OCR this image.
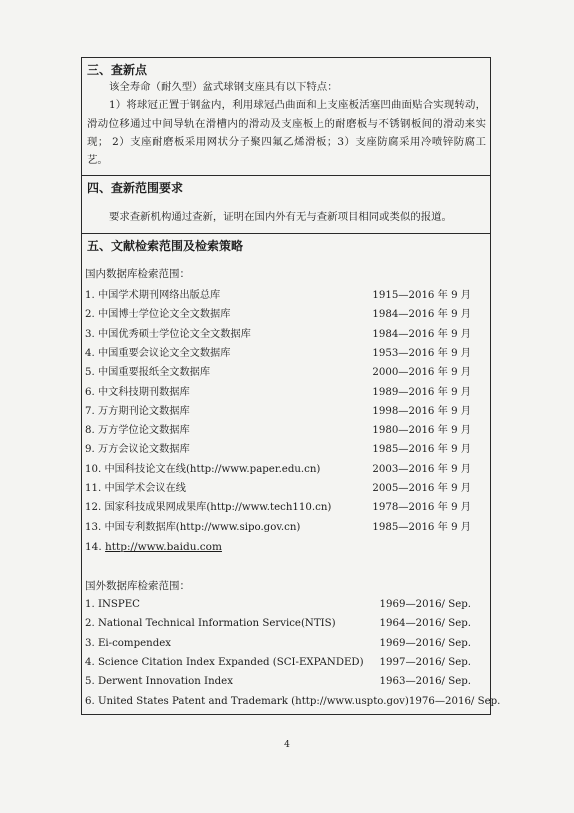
三、查新点
该全寿命（耐久型）盆式球钢支座具有以下特点：
1）将球冠正置于钢盆内，利用球冠凸曲面和上支座板活塞凹曲面贴合实现转动，滑动位移通过中间导轨在滑槽内的滑动及支座板上的耐磨板与不锈钢板间的滑动来实现； 2）支座耐磨板采用网状分子聚四氟乙烯滑板；3）支座防腐采用冷喷锌防腐工艺。
四、查新范围要求
要求查新机构通过查新，证明在国内外有无与查新项目相同或类似的报道。
五、文献检索范围及检索策略
国内数据库检索范围：
1. 中国学术期刊网络出版总库	1915—2016 年 9 月
2. 中国博士学位论文全文数据库	1984—2016 年 9 月
3. 中国优秀硕士学位论文全文数据库	1984—2016 年 9 月
4. 中国重要会议论文全文数据库	1953—2016 年 9 月
5. 中国重要报纸全文数据库	2000—2016 年 9 月
6. 中文科技期刊数据库	1989—2016 年 9 月
7. 万方期刊论文数据库	1998—2016 年 9 月
8. 万方学位论文数据库	1980—2016 年 9 月
9. 万方会议论文数据库	1985—2016 年 9 月
10. 中国科技论文在线(http://www.paper.edu.cn)	2003—2016 年 9 月
11. 中国学术会议在线	2005—2016 年 9 月
12. 国家科技成果网成果库(http://www.tech110.cn)	1978—2016 年 9 月
13. 中国专利数据库(http://www.sipo.gov.cn)	1985—2016 年 9 月
14. http://www.baidu.com
国外数据库检索范围：
1. INSPEC	1969—2016/ Sep.
2. National Technical Information Service(NTIS)	1964—2016/ Sep.
3. Ei-compendex	1969—2016/ Sep.
4. Science Citation Index Expanded (SCI-EXPANDED) 1997—2016/ Sep.
5. Derwent Innovation Index	1963—2016/ Sep.
6. United States Patent and Trademark (http://www.uspto.gov) 1976—2016/ Sep.
4
